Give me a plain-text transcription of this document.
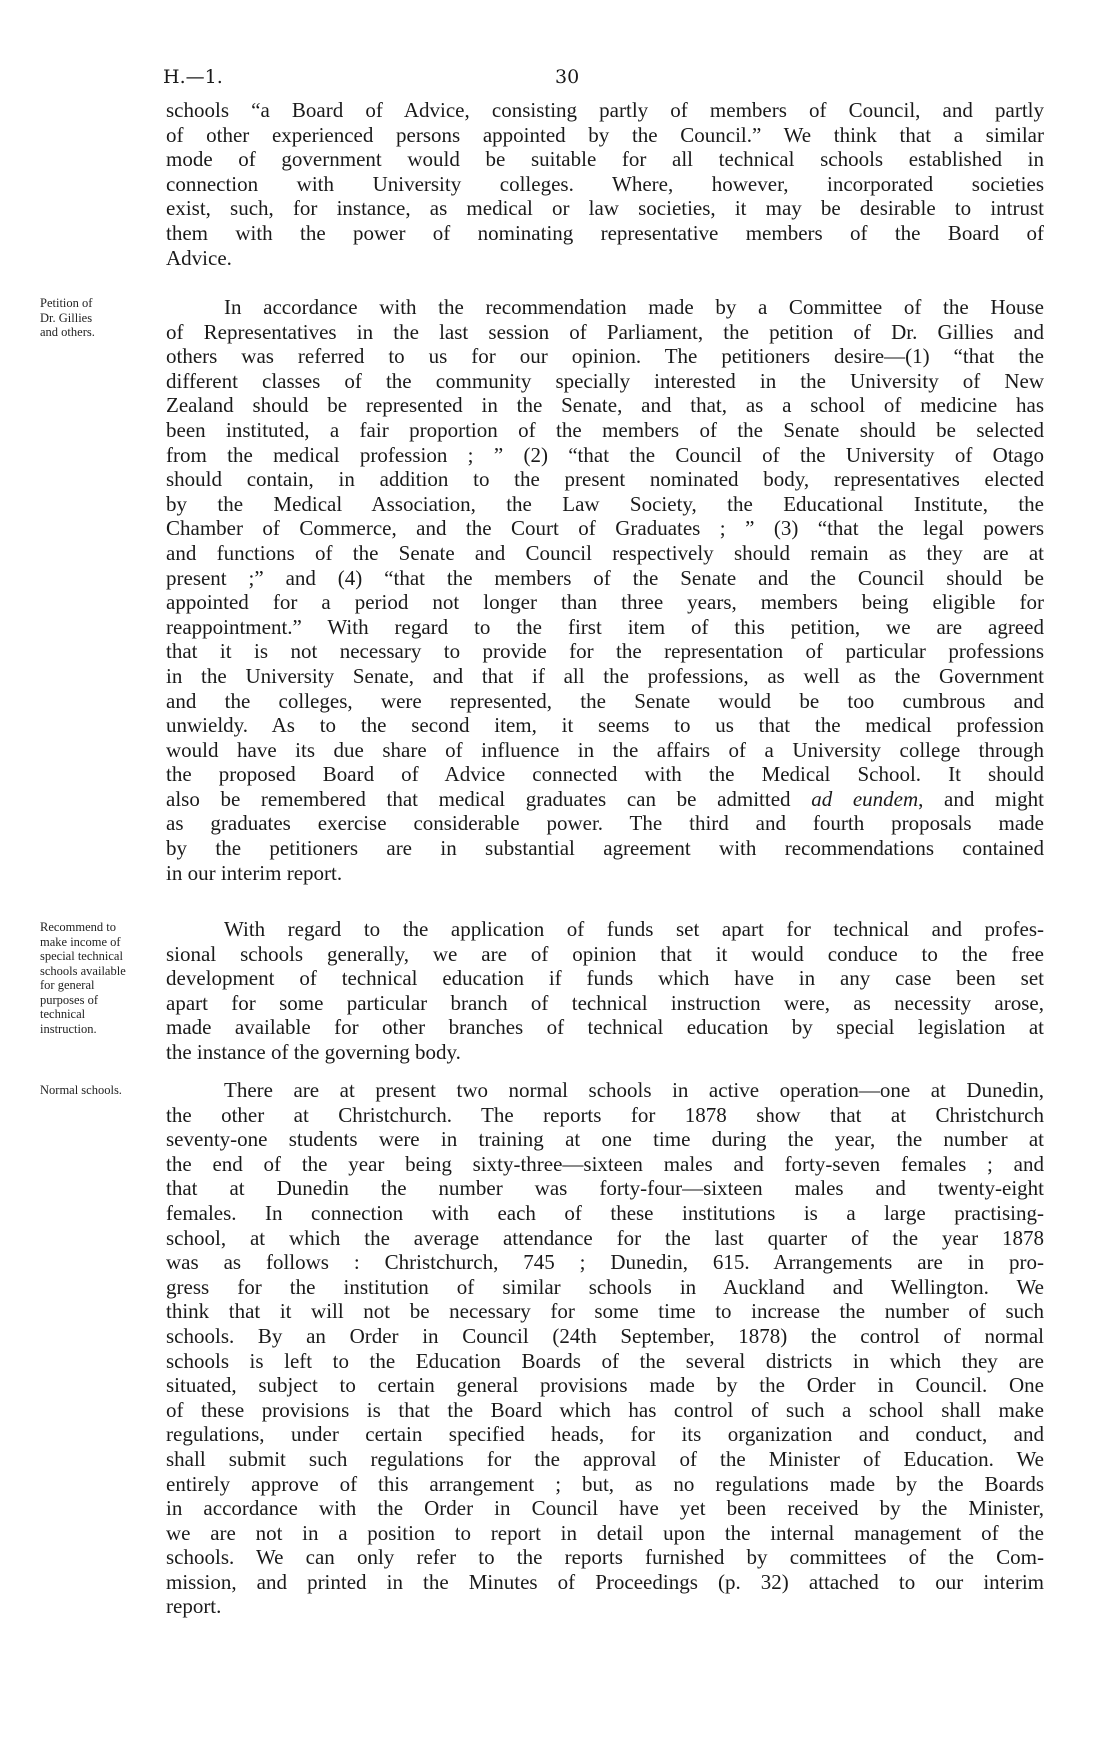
H.—1.	30
Petition of
Dr. Gillies
and others.
Recommend to
make income of
special technical
schools available
for general
purposes of
technical
instruction.
Normal schools.
schools “a Board of Advice, consisting partly of members of Council, and partly
of other experienced persons appointed by the Council.” We think that a similar
mode of government would be suitable for all technical schools established in
connection with University colleges. Where, however, incorporated societies
exist, such, for instance, as medical or law societies, it may be desirable to intrust
them with the power of nominating representative members of the Board of
Advice.
In accordance with the recommendation made by a Committee of the House
of Representatives in the last session of Parliament, the petition of Dr. Gillies and
others was referred to us for our opinion. The petitioners desire—(1) “that the
different classes of the community specially interested in the University of New
Zealand should be represented in the Senate, and that, as a school of medicine has
been instituted, a fair proportion of the members of the Senate should be selected
from the medical profession ; ” (2) “that the Council of the University of Otago
should contain, in addition to the present nominated body, representatives elected
by the Medical Association, the Law Society, the Educational Institute, the
Chamber of Commerce, and the Court of Graduates ; ” (3) “that the legal powers
and functions of the Senate and Council respectively should remain as they are at
present ;” and (4) “that the members of the Senate and the Council should be
appointed for a period not longer than three years, members being eligible for
reappointment.” With regard to the first item of this petition, we are agreed
that it is not necessary to provide for the representation of particular professions
in the University Senate, and that if all the professions, as well as the Government
and the colleges, were represented, the Senate would be too cumbrous and
unwieldy. As to the second item, it seems to us that the medical profession
would have its due share of influence in the affairs of a University college through
the proposed Board of Advice connected with the Medical School. It should
also be remembered that medical graduates can be admitted ad eundem, and might
as graduates exercise considerable power. The third and fourth proposals made
by the petitioners are in substantial agreement with recommendations contained
in our interim report.
With regard to the application of funds set apart for technical and profes-
sional schools generally, we are of opinion that it would conduce to the free
development of technical education if funds which have in any case been set
apart for some particular branch of technical instruction were, as necessity arose,
made available for other branches of technical education by special legislation at
the instance of the governing body.
There are at present two normal schools in active operation—one at Dunedin,
the other at Christchurch. The reports for 1878 show that at Christchurch
seventy-one students were in training at one time during the year, the number at
the end of the year being sixty-three—sixteen males and forty-seven females ; and
that at Dunedin the number was forty-four—sixteen males and twenty-eight
females. In connection with each of these institutions is a large practising-
school, at which the average attendance for the last quarter of the year 1878
was as follows : Christchurch, 745 ; Dunedin, 615. Arrangements are in pro-
gress for the institution of similar schools in Auckland and Wellington. We
think that it will not be necessary for some time to increase the number of such
schools. By an Order in Council (24th September, 1878) the control of normal
schools is left to the Education Boards of the several districts in which they are
situated, subject to certain general provisions made by the Order in Council. One
of these provisions is that the Board which has control of such a school shall make
regulations, under certain specified heads, for its organization and conduct, and
shall submit such regulations for the approval of the Minister of Education. We
entirely approve of this arrangement ; but, as no regulations made by the Boards
in accordance with the Order in Council have yet been received by the Minister,
we are not in a position to report in detail upon the internal management of the
schools. We can only refer to the reports furnished by committees of the Com-
mission, and printed in the Minutes of Proceedings (p. 32) attached to our interim
report.
